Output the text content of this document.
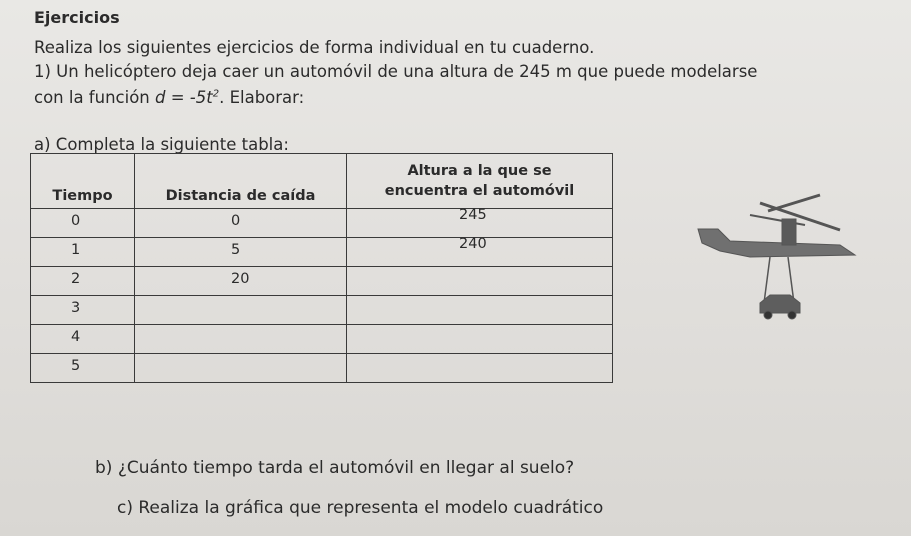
Ejercicios
Realiza los siguientes ejercicios de forma individual en tu cuaderno.
1) Un helicóptero deja caer un automóvil de una altura de 245 m que puede modelarse
con la función $d = -5t^2$. Elaborar:
a) Completa la siguiente tabla:
Tiempo	Distancia de caída	Altura a la que se encuentra el automóvil

0	0	245

1	5	240

2	20	

3		

4		

5		

b) ¿Cuánto tiempo tarda el automóvil en llegar al suelo?
c) Realiza la gráfica que representa el modelo cuadrático
